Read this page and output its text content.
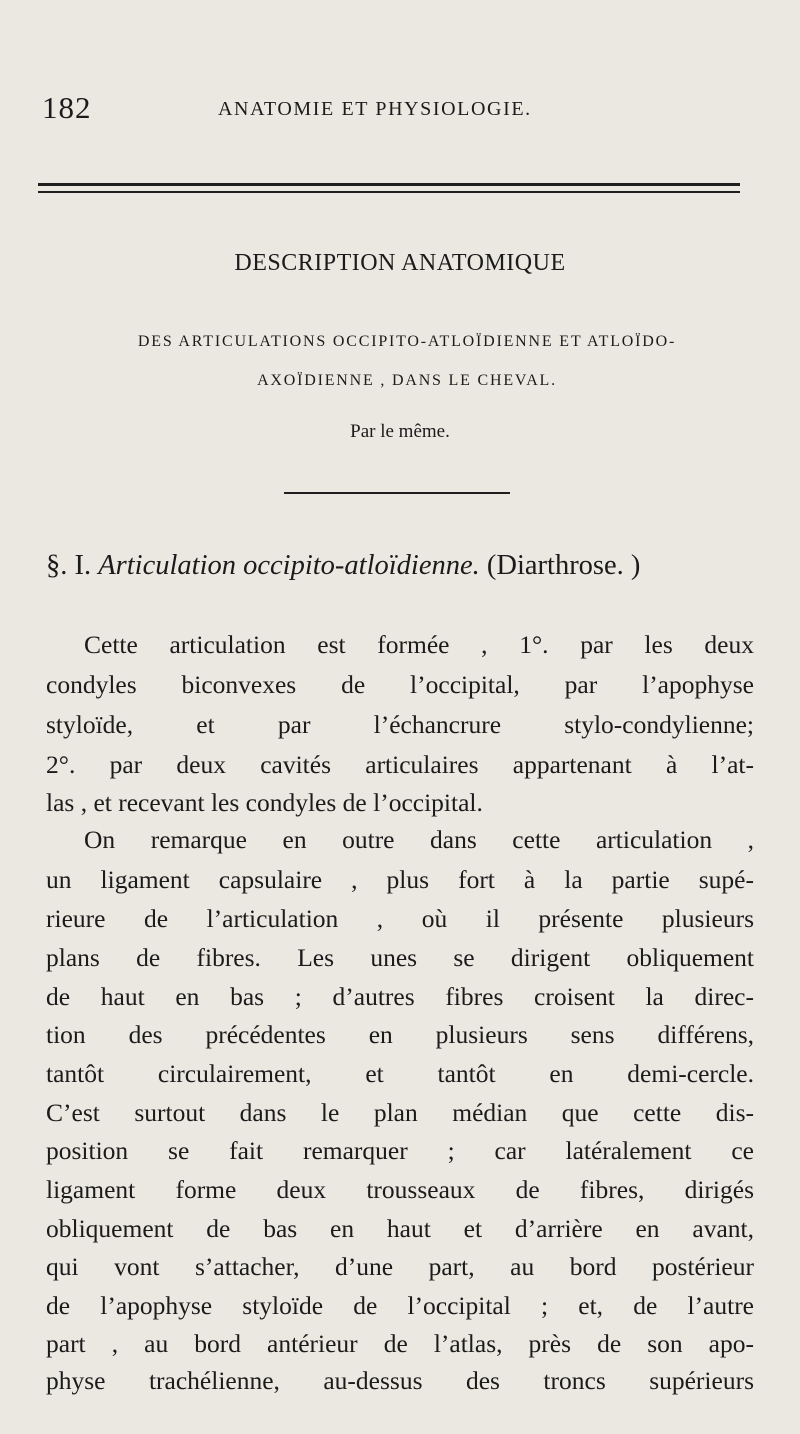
182	ANATOMIE ET PHYSIOLOGIE.
DESCRIPTION ANATOMIQUE
DES ARTICULATIONS OCCIPITO-ATLOÏDIENNE ET ATLOÏDO-
AXOÏDIENNE , DANS LE CHEVAL.
Par le même.
§. I. Articulation occipito-atloïdienne. (Diarthrose. )
Cette articulation est formée , 1°. par les deux
condyles biconvexes de l’occipital, par l’apophyse
styloïde, et par l’échancrure stylo-condylienne;
2°. par deux cavités articulaires appartenant à l’at-
las , et recevant les condyles de l’occipital.
On remarque en outre dans cette articulation ,
un ligament capsulaire , plus fort à la partie supé-
rieure de l’articulation , où il présente plusieurs
plans de fibres. Les unes se dirigent obliquement
de haut en bas ; d’autres fibres croisent la direc-
tion des précédentes en plusieurs sens différens,
tantôt circulairement, et tantôt en demi-cercle.
C’est surtout dans le plan médian que cette dis-
position se fait remarquer ; car latéralement ce
ligament forme deux trousseaux de fibres, dirigés
obliquement de bas en haut et d’arrière en avant,
qui vont s’attacher, d’une part, au bord postérieur
de l’apophyse styloïde de l’occipital ; et, de l’autre
part , au bord antérieur de l’atlas, près de son apo-
physe trachélienne, au-dessus des troncs supérieurs
